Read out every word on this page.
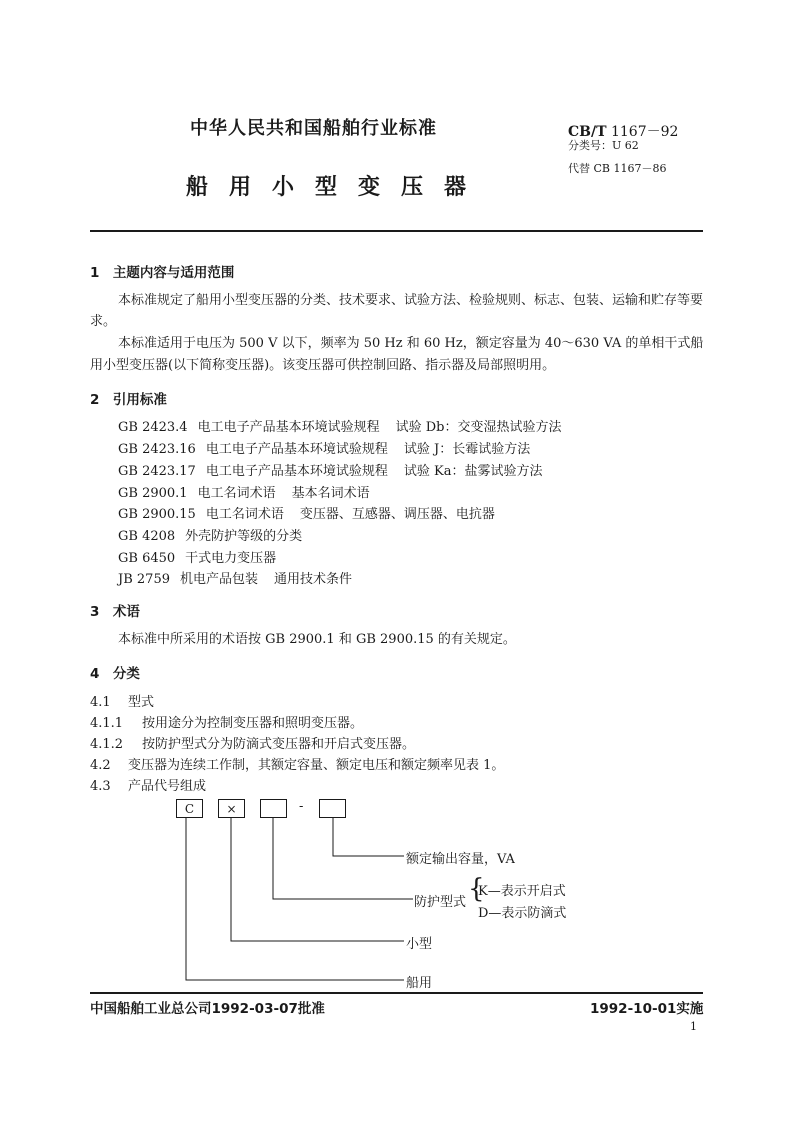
中华人民共和国船舶行业标准
船用小型变压器
CB/T 1167－92
分类号：U 62
代替 CB 1167－86
1　主题内容与适用范围
本标准规定了船用小型变压器的分类、技术要求、试验方法、检验规则、标志、包装、运输和贮存等要
求。
本标准适用于电压为 500 V 以下，频率为 50 Hz 和 60 Hz，额定容量为 40～630 VA 的单相干式船
用小型变压器(以下简称变压器)。该变压器可供控制回路、指示器及局部照明用。
2　引用标准
GB 2423.4 电工电子产品基本环境试验规程 试验 Db：交变湿热试验方法
GB 2423.16 电工电子产品基本环境试验规程 试验 J：长霉试验方法
GB 2423.17 电工电子产品基本环境试验规程 试验 Ka：盐雾试验方法
GB 2900.1 电工名词术语 基本名词术语
GB 2900.15 电工名词术语 变压器、互感器、调压器、电抗器
GB 4208 外壳防护等级的分类
GB 6450 干式电力变压器
JB 2759 机电产品包装 通用技术条件
3　术语
本标准中所采用的术语按 GB 2900.1 和 GB 2900.15 的有关规定。
4　分类
4.1 型式
4.1.1 按用途分为控制变压器和照明变压器。
4.1.2 按防护型式分为防滴式变压器和开启式变压器。
4.2 变压器为连续工作制，其额定容量、额定电压和额定频率见表 1。
4.3 产品代号组成
C	×	-
额定输出容量，VA
防护型式 {
K—表示开启式
D—表示防滴式
小型
船用
中国船舶工业总公司1992-03-07批准	1992-10-01实施
1
